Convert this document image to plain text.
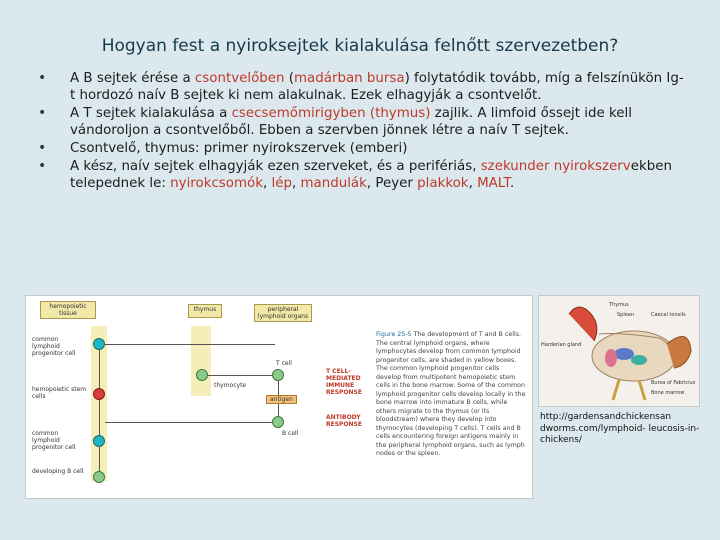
Hogyan fest a nyiroksejtek kialakulása felnőtt szervezetben?
• A B sejtek érése a csontvelőben (madárban bursa) folytatódik tovább, míg a felszínükön Ig-t hordozó naív B sejtek ki nem alakulnak. Ezek elhagyják a csontvelőt.
• A T sejtek kialakulása a csecsemőmirigyben (thymus) zajlik. A limfoid őssejt ide kell vándoroljon a csontvelőből. Ebben a szervben jönnek létre a naív T sejtek.
• Csontvelő, thymus: primer nyirokszervek (emberi)
• A kész, naív sejtek elhagyják ezen szerveket, és a perifériás, szekunder nyirokszervekben telepednek le: nyirokcsomók, lép, mandulák, Peyer plakkok, MALT.
hemopoietic tissue
thymus	peripheral lymphoid organs
common lymphoid progenitor cell
hemopoietic stem cells
common lymphoid progenitor cell
developing B cell
thymocyte
T cell
B cell
antigen
T CELL-MEDIATED IMMUNE RESPONSE
ANTIBODY RESPONSE
Figure 25-5 The development of T and B cells. The central lymphoid organs, where lymphocytes develop from common lymphoid progenitor cells, are shaded in yellow boxes. The common lymphoid progenitor cells develop from multipotent hemopoietic stem cells in the bone marrow. Some of the common lymphoid progenitor cells develop locally in the bone marrow into immature B cells, while others migrate to the thymus (or its bloodstream) where they develop into thymocytes (developing T cells). T cells and B cells encountering foreign antigens mainly in the peripheral lymphoid organs, such as lymph nodes or the spleen.
Thymus
Spleen	Caecal tonsils
Harderian gland
Bursa of Fabricius
Bone marrow
http://gardensandchickensan dworms.com/lymphoid- leucosis-in-chickens/
